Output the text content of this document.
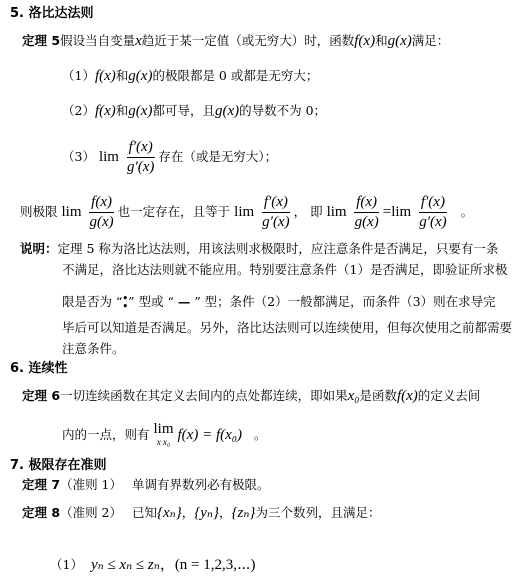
5. 洛比达法则
定理 5假设当自变量x趋近于某一定值（或无穷大）时，函数f(x)和g(x)满足：
（1）f(x)和g(x)的极限都是 0 或都是无穷大；
（2）f(x)和g(x)都可导，且g(x)的导数不为 0；
（3） $\lim \frac{f'(x)}{g'(x)}$ 存在（或是无穷大）；
则极限 $\lim \frac{f(x)}{g(x)}$ 也一定存在，且等于 $\lim \frac{f'(x)}{g'(x)}$ ， 即 $\lim \frac{f(x)}{g(x)} =\lim \frac{f'(x)}{g'(x)}$ 。
说明：定理 5 称为洛比达法则，用该法则求极限时，应注意条件是否满足，只要有一条
不满足，洛比达法则就不能应用。特别要注意条件（1）是否满足，即验证所求极
限是否为 “ •
• ” 型或 “ — ” 型；条件（2）一般都满足，而条件（3）则在求导完
毕后可以知道是否满足。另外，洛比达法则可以连续使用，但每次使用之前都需要
注意条件。
6. 连续性
定理 6一切连续函数在其定义去间内的点处都连续，即如果x₀是函数f(x)的定义去间
内的一点，则有 lim
x x₀ f(x) = f(x₀) 。
7. 极限存在准则
定理 7（准则 1） 单调有界数列必有极限。
定理 8（准则 2） 已知{xₙ}，{yₙ}，{zₙ}为三个数列，且满足：
（1） yₙ ≤ xₙ ≤ zₙ，(n = 1,2,3,⋯)
